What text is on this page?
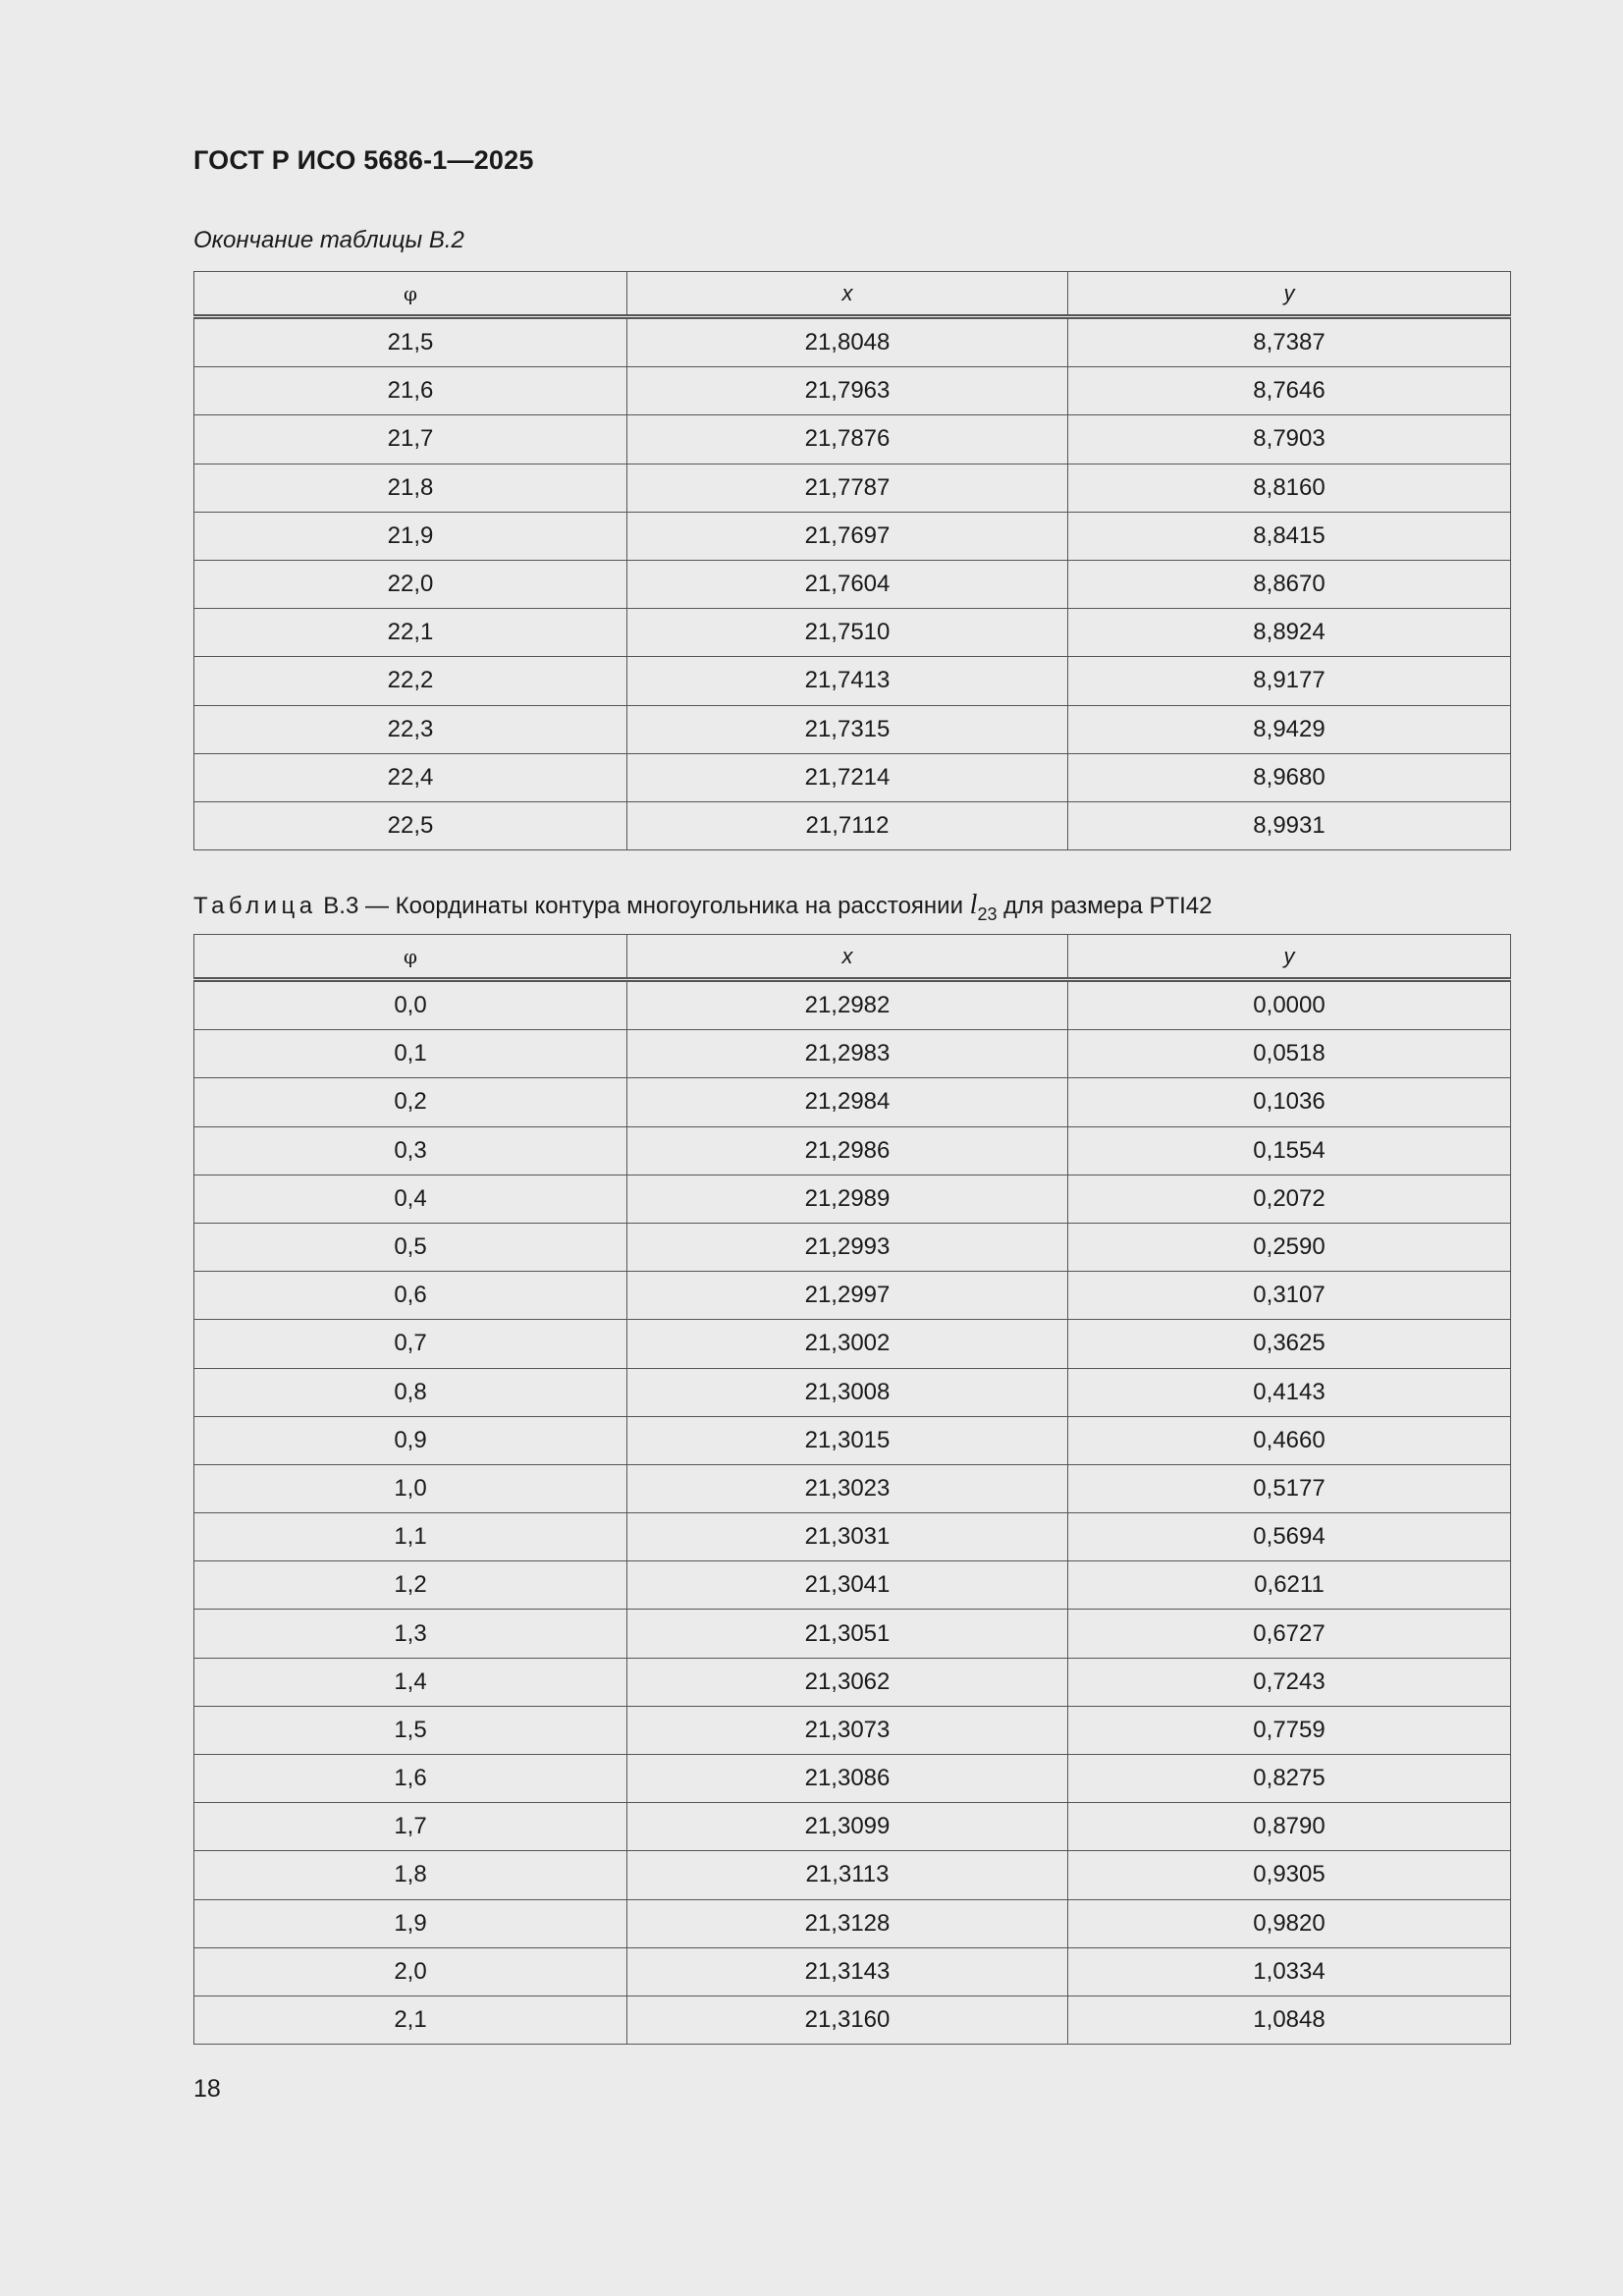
ГОСТ Р ИСО 5686-1—2025

Окончание таблицы В.2

φ	x	y
21,5	21,8048	8,7387
21,6	21,7963	8,7646
21,7	21,7876	8,7903
21,8	21,7787	8,8160
21,9	21,7697	8,8415
22,0	21,7604	8,8670
22,1	21,7510	8,8924
22,2	21,7413	8,9177
22,3	21,7315	8,9429
22,4	21,7214	8,9680
22,5	21,7112	8,9931

Таблица В.3 — Координаты контура многоугольника на расстоянии $l_{23}$ для размера PTI42

φ	x	y
0,0	21,2982	0,0000
0,1	21,2983	0,0518
0,2	21,2984	0,1036
0,3	21,2986	0,1554
0,4	21,2989	0,2072
0,5	21,2993	0,2590
0,6	21,2997	0,3107
0,7	21,3002	0,3625
0,8	21,3008	0,4143
0,9	21,3015	0,4660
1,0	21,3023	0,5177
1,1	21,3031	0,5694
1,2	21,3041	0,6211
1,3	21,3051	0,6727
1,4	21,3062	0,7243
1,5	21,3073	0,7759
1,6	21,3086	0,8275
1,7	21,3099	0,8790
1,8	21,3113	0,9305
1,9	21,3128	0,9820
2,0	21,3143	1,0334
2,1	21,3160	1,0848

18
